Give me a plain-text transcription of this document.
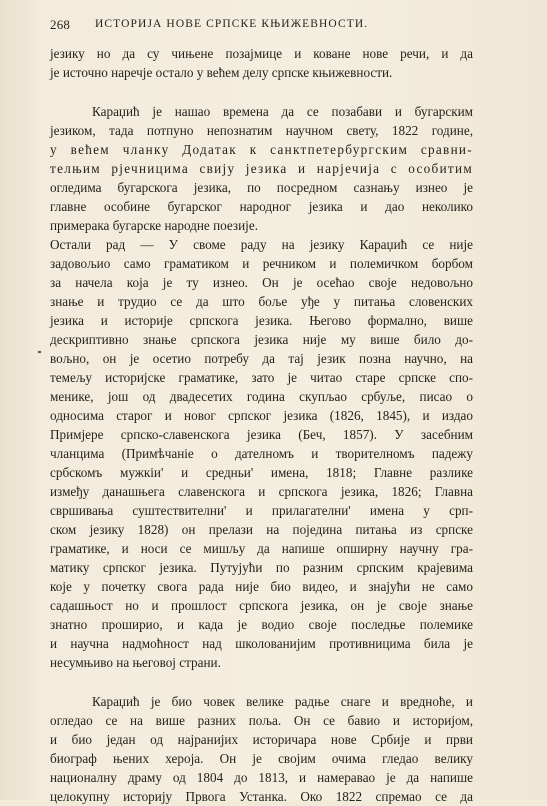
268 ИСТОРИЈА НОВЕ СРПСКЕ КЊИЖЕВНОСТИ.
језику но да су чињене позајмице и коване нове речи, и да
је источно наречје остало у већем делу српске књижевности.
Караџић је нашао времена да се позабави и бугарским
језиком, тада потпуно непознатим научном свету, 1822 године,
у већем чланку Додатак к санктпетербургским сравни-
телњим рјечницима свију језика и нарјечија с особитим
огледима бугарскога језика, по посредном сазнању изнео је
главне особине бугарског народног језика и дао неколико
примерака бугарске народне поезије.
Остали рад — У своме раду на језику Караџић се није
задовољио само граматиком и речником и полемичком борбом
за начела која је ту изнео. Он је осећао своје недовољно
знање и трудио се да што боље уђе у питања словенских
језика и историје српскога језика. Његово формално, више
дескриптивно знање српскога језика није му више било до-
вољно, он је осетио потребу да тај језик позна научно, на
темељу историјске граматике, зато је читао старе српске спо-
менике, још од двадесетих година скупљао србуље, писао о
односима старог и новог српског језика (1826, 1845), и издао
Примјере српско-славенскога језика (Беч, 1857). У засебним
чланцима (Примѣчаніе о дателномъ и творителномъ падежу
србскомъ мужкіи' и средньи' имена, 1818; Главне разлике
између данашњега славенскога и српскога језика, 1826; Главна
свршивања суштествителни' и прилагателни' имена у срп-
ском језику 1828) он прелази на поједина питања из српске
граматике, и носи се мишљу да напише опширну научну гра-
матику српског језика. Путујући по разним српским крајевима
које у почетку свога рада није био видео, и знајући не само
садашњост но и прошлост српскога језика, он је своје знање
знатно проширио, и када је водио своје последње полемике
и научна надмоћност над школованијим противницима била је
несумњиво на његовој страни.
Караџић је био човек велике радње снаге и вредноће, и
огледао се на више разних поља. Он се бавио и историјом,
и био један од најранијих историчара нове Србије и први
биограф њених хероја. Он је својим очима гледао велику
националну драму од 1804 до 1813, и намеравао је да напише
целокупну историју Првога Устанка. Око 1822 спремао се да
